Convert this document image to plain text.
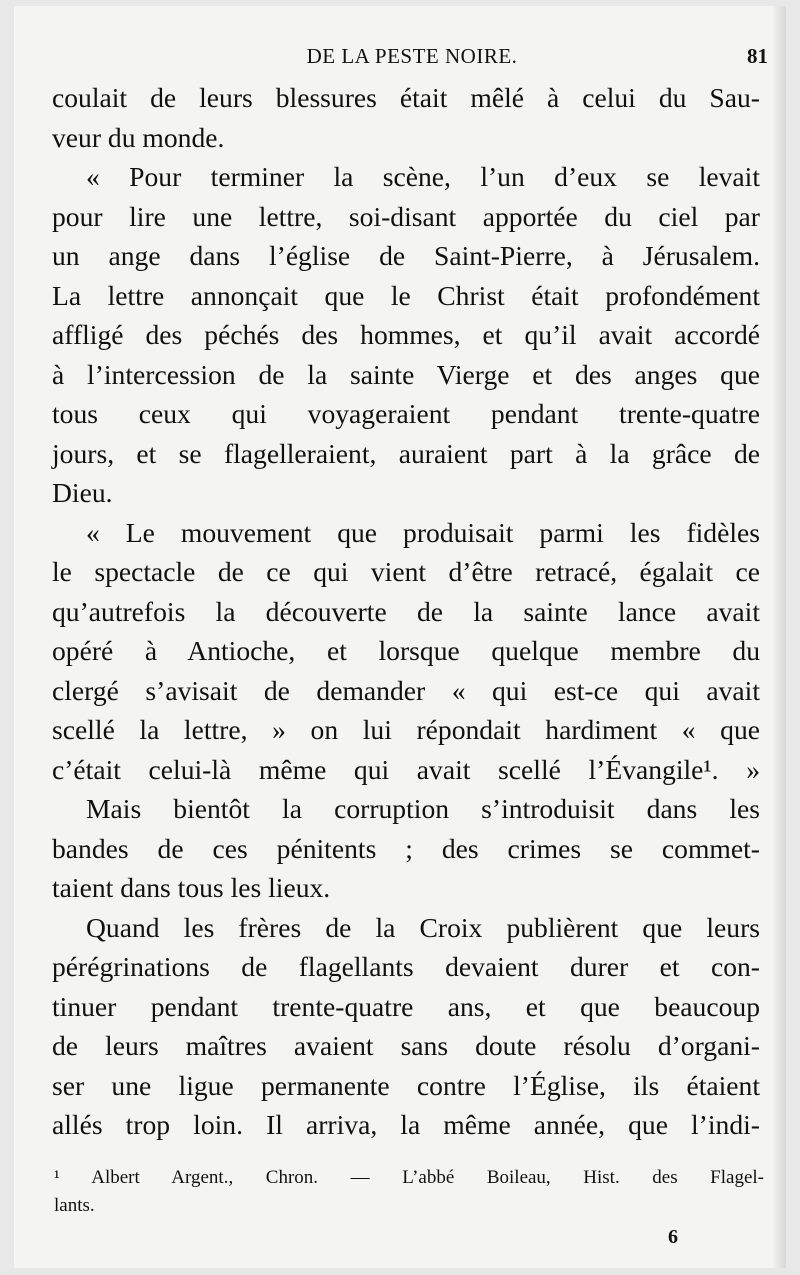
DE LA PESTE NOIRE.	81
coulait de leurs blessures était mêlé à celui du Sau-
veur du monde.
« Pour terminer la scène, l’un d’eux se levait
pour lire une lettre, soi-disant apportée du ciel par
un ange dans l’église de Saint-Pierre, à Jérusalem.
La lettre annonçait que le Christ était profondément
affligé des péchés des hommes, et qu’il avait accordé
à l’intercession de la sainte Vierge et des anges que
tous ceux qui voyageraient pendant trente-quatre
jours, et se flagelleraient, auraient part à la grâce de
Dieu.
« Le mouvement que produisait parmi les fidèles
le spectacle de ce qui vient d’être retracé, égalait ce
qu’autrefois la découverte de la sainte lance avait
opéré à Antioche, et lorsque quelque membre du
clergé s’avisait de demander « qui est-ce qui avait
scellé la lettre, » on lui répondait hardiment « que
c’était celui-là même qui avait scellé l’Évangile¹. »
Mais bientôt la corruption s’introduisit dans les
bandes de ces pénitents ; des crimes se commet-
taient dans tous les lieux.
Quand les frères de la Croix publièrent que leurs
pérégrinations de flagellants devaient durer et con-
tinuer pendant trente-quatre ans, et que beaucoup
de leurs maîtres avaient sans doute résolu d’organi-
ser une ligue permanente contre l’Église, ils étaient
allés trop loin. Il arriva, la même année, que l’indi-
¹ Albert Argent., Chron. — L’abbé Boileau, Hist. des Flagel-
lants.
6
